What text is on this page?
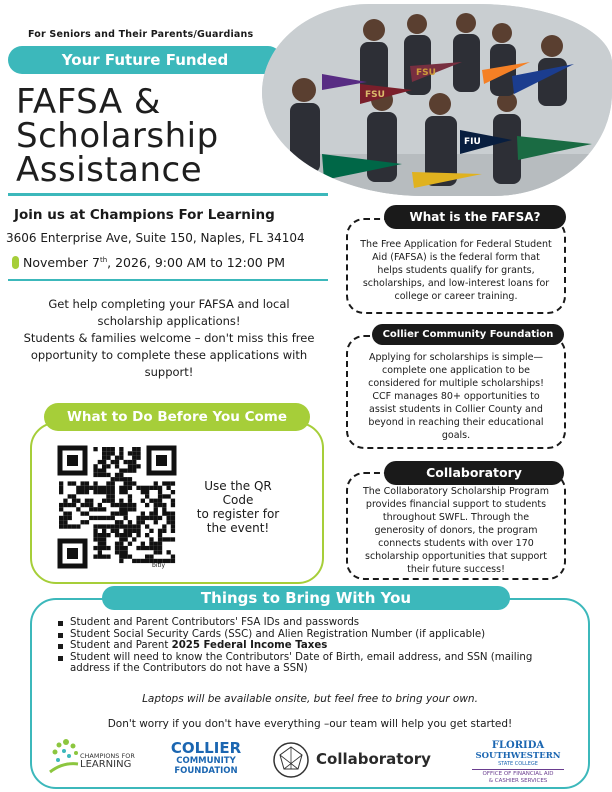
For Seniors and Their Parents/Guardians
Your Future Funded
FAFSA &
Scholarship
Assistance
FSU
FSU
FIU
Join us at Champions For Learning
3606 Enterprise Ave, Suite 150, Naples, FL 34104
November 7th, 2026, 9:00 AM to 12:00 PM
Get help completing your FAFSA and local scholarship applications!
Students & families welcome – don't miss this free opportunity to complete these applications with support!
What to Do Before You Come
bitly
Use the QR
Code
to register for
the event!
The Free Application for Federal Student Aid (FAFSA) is the federal form that helps students qualify for grants, scholarships, and low-interest loans for college or career training.
What is the FAFSA?
Applying for scholarships is simple—complete one application to be considered for multiple scholarships! CCF manages 80+ opportunities to assist students in Collier County and beyond in reaching their educational goals.
Collier Community Foundation
The Collaboratory Scholarship Program provides financial support to students throughout SWFL. Through the generosity of donors, the program connects students with over 170 scholarship opportunities that support their future success!
Collaboratory
Things to Bring With You
Student and Parent Contributors' FSA IDs and passwords
Student Social Security Cards (SSC) and Alien Registration Number (if applicable)
Student and Parent 2025 Federal Income Taxes
Student will need to know the Contributors' Date of Birth, email address, and SSN (mailing address if the Contributors do not have a SSN)
Laptops will be available onsite, but feel free to bring your own.
Don't worry if you don't have everything –our team will help you get started!
CHAMPIONS FOR
LEARNING
COLLIER
COMMUNITY
FOUNDATION
Collaboratory
FLORIDA
SOUTHWESTERN
STATE COLLEGE
OFFICE OF FINANCIAL AID
& CASHIER SERVICES
